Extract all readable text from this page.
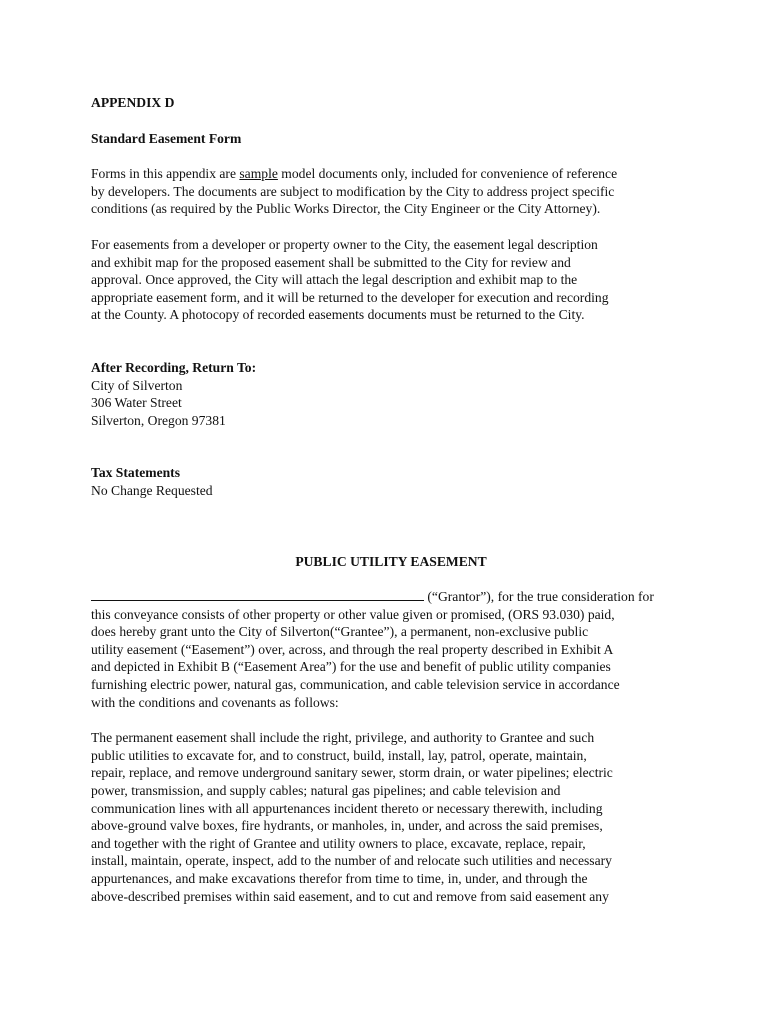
APPENDIX D
Standard Easement Form
Forms in this appendix are sample model documents only, included for convenience of reference
by developers. The documents are subject to modification by the City to address project specific
conditions (as required by the Public Works Director, the City Engineer or the City Attorney).
For easements from a developer or property owner to the City, the easement legal description
and exhibit map for the proposed easement shall be submitted to the City for review and
approval. Once approved, the City will attach the legal description and exhibit map to the
appropriate easement form, and it will be returned to the developer for execution and recording
at the County. A photocopy of recorded easements documents must be returned to the City.
After Recording, Return To:
City of Silverton
306 Water Street
Silverton, Oregon 97381
Tax Statements
No Change Requested
PUBLIC UTILITY EASEMENT
(“Grantor”), for the true consideration for
this conveyance consists of other property or other value given or promised, (ORS 93.030) paid,
does hereby grant unto the City of Silverton(“Grantee”), a permanent, non-exclusive public
utility easement (“Easement”) over, across, and through the real property described in Exhibit A
and depicted in Exhibit B (“Easement Area”) for the use and benefit of public utility companies
furnishing electric power, natural gas, communication, and cable television service in accordance
with the conditions and covenants as follows:
The permanent easement shall include the right, privilege, and authority to Grantee and such
public utilities to excavate for, and to construct, build, install, lay, patrol, operate, maintain,
repair, replace, and remove underground sanitary sewer, storm drain, or water pipelines; electric
power, transmission, and supply cables; natural gas pipelines; and cable television and
communication lines with all appurtenances incident thereto or necessary therewith, including
above-ground valve boxes, fire hydrants, or manholes, in, under, and across the said premises,
and together with the right of Grantee and utility owners to place, excavate, replace, repair,
install, maintain, operate, inspect, add to the number of and relocate such utilities and necessary
appurtenances, and make excavations therefor from time to time, in, under, and through the
above-described premises within said easement, and to cut and remove from said easement any
